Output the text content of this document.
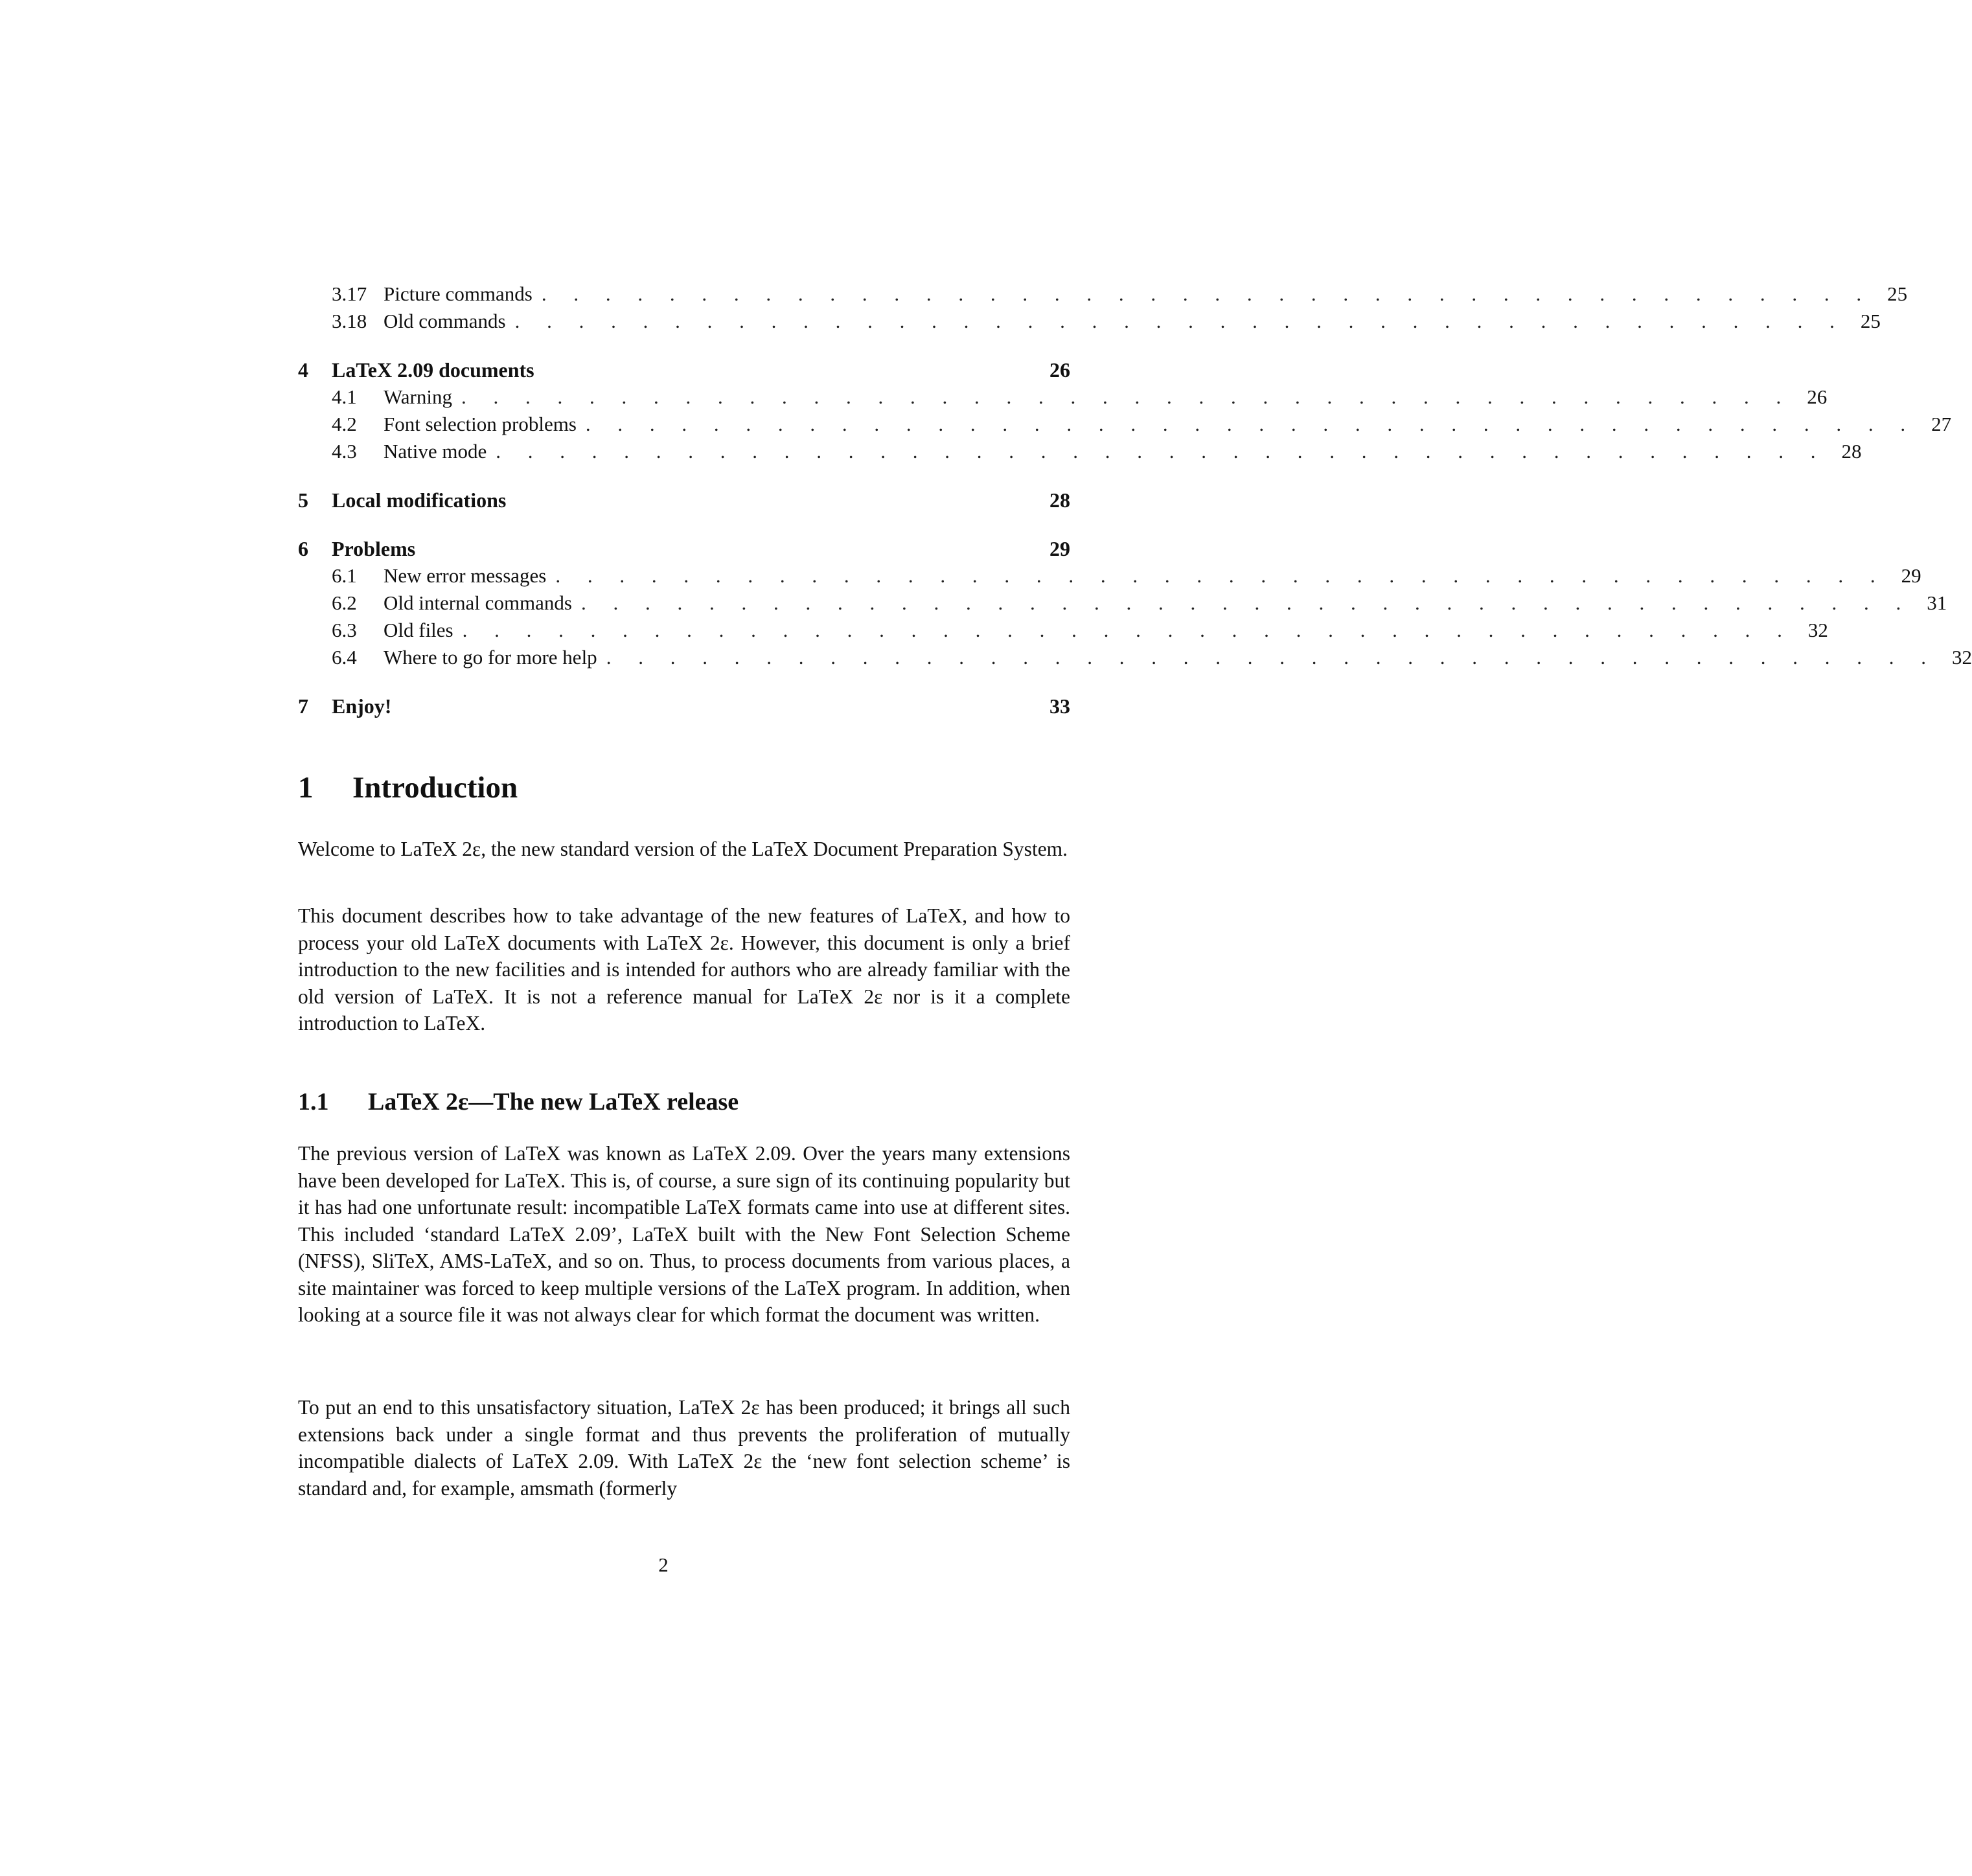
3.17 Picture commands . . . . . . . . . . . . . . . . . . . . . . . . . . . . . . . . . . . . . . . . . . 25
3.18 Old commands . . . . . . . . . . . . . . . . . . . . . . . . . . . . . . . . . . . . . . . . . . 25
4	LaTeX 2.09 documents	26
4.1	Warning . . . . . . . . . . . . . . . . . . . . . . . . . . . . . . . . . . . . . . . . . . 26
4.2	Font selection problems . . . . . . . . . . . . . . . . . . . . . . . . . . . . . . . . . . . . . . . . . . 27
4.3	Native mode . . . . . . . . . . . . . . . . . . . . . . . . . . . . . . . . . . . . . . . . . . 28
5	Local modifications	28
6	Problems	29
6.1	New error messages . . . . . . . . . . . . . . . . . . . . . . . . . . . . . . . . . . . . . . . . . . 29
6.2	Old internal commands . . . . . . . . . . . . . . . . . . . . . . . . . . . . . . . . . . . . . . . . . . 31
6.3	Old files . . . . . . . . . . . . . . . . . . . . . . . . . . . . . . . . . . . . . . . . . . 32
6.4	Where to go for more help . . . . . . . . . . . . . . . . . . . . . . . . . . . . . . . . . . . . . . . . . . 32
7	Enjoy!	33
1 Introduction

Welcome to LaTeX 2ε, the new standard version of the LaTeX Document Preparation System.

This document describes how to take advantage of the new features of LaTeX, and how to process your old LaTeX documents with LaTeX 2ε. However, this document is only a brief introduction to the new facilities and is intended for authors who are already familiar with the old version of LaTeX. It is not a reference manual for LaTeX 2ε nor is it a complete introduction to LaTeX.

1.1 LaTeX 2ε—The new LaTeX release

The previous version of LaTeX was known as LaTeX 2.09. Over the years many extensions have been developed for LaTeX. This is, of course, a sure sign of its continuing popularity but it has had one unfortunate result: incompatible LaTeX formats came into use at different sites. This included ‘standard LaTeX 2.09’, LaTeX built with the New Font Selection Scheme (NFSS), SliTeX, AMS-LaTeX, and so on. Thus, to process documents from various places, a site maintainer was forced to keep multiple versions of the LaTeX program. In addition, when looking at a source file it was not always clear for which format the document was written.

To put an end to this unsatisfactory situation, LaTeX 2ε has been produced; it brings all such extensions back under a single format and thus prevents the proliferation of mutually incompatible dialects of LaTeX 2.09. With LaTeX 2ε the ‘new font selection scheme’ is standard and, for example, amsmath (formerly

2
